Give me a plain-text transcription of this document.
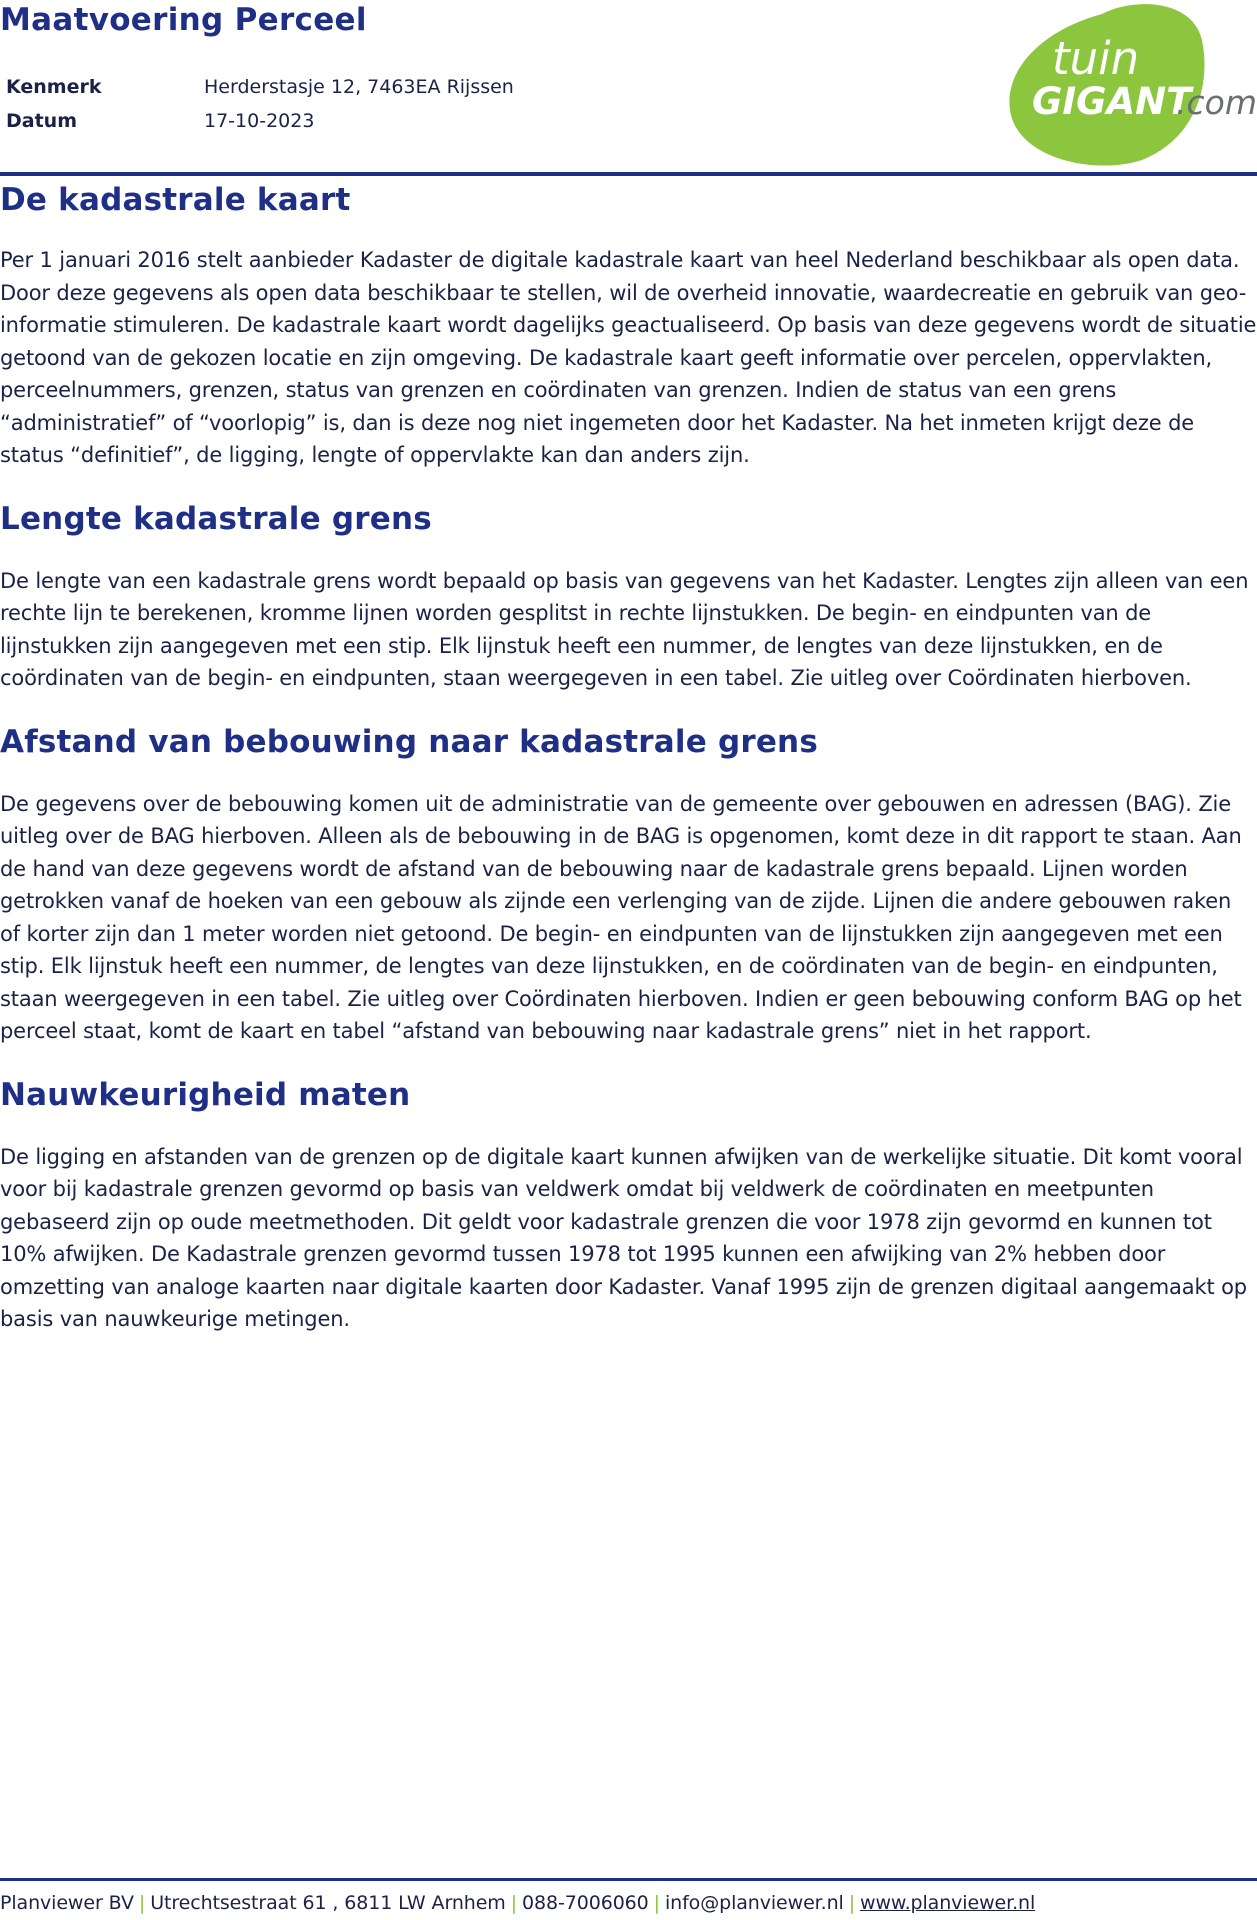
Maatvoering Perceel
Kenmerk	Herderstasje 12, 7463EA Rijssen
Datum	17-10-2023
tuin
GIGANT
.com
De kadastrale kaart

Per 1 januari 2016 stelt aanbieder Kadaster de digitale kadastrale kaart van heel Nederland beschikbaar als open data. Door deze gegevens als open data beschikbaar te stellen, wil de overheid innovatie, waardecreatie en gebruik van geo-informatie stimuleren. De kadastrale kaart wordt dagelijks geactualiseerd. Op basis van deze gegevens wordt de situatie getoond van de gekozen locatie en zijn omgeving. De kadastrale kaart geeft informatie over percelen, oppervlakten, perceelnummers, grenzen, status van grenzen en coördinaten van grenzen. Indien de status van een grens “administratief” of “voorlopig” is, dan is deze nog niet ingemeten door het Kadaster. Na het inmeten krijgt deze de status “definitief”, de ligging, lengte of oppervlakte kan dan anders zijn.

Lengte kadastrale grens

De lengte van een kadastrale grens wordt bepaald op basis van gegevens van het Kadaster. Lengtes zijn alleen van een rechte lijn te berekenen, kromme lijnen worden gesplitst in rechte lijnstukken. De begin- en eindpunten van de lijnstukken zijn aangegeven met een stip. Elk lijnstuk heeft een nummer, de lengtes van deze lijnstukken, en de coördinaten van de begin- en eindpunten, staan weergegeven in een tabel. Zie uitleg over Coördinaten hierboven.

Afstand van bebouwing naar kadastrale grens

De gegevens over de bebouwing komen uit de administratie van de gemeente over gebouwen en adressen (BAG). Zie uitleg over de BAG hierboven. Alleen als de bebouwing in de BAG is opgenomen, komt deze in dit rapport te staan. Aan de hand van deze gegevens wordt de afstand van de bebouwing naar de kadastrale grens bepaald. Lijnen worden getrokken vanaf de hoeken van een gebouw als zijnde een verlenging van de zijde. Lijnen die andere gebouwen raken of korter zijn dan 1 meter worden niet getoond. De begin- en eindpunten van de lijnstukken zijn aangegeven met een stip. Elk lijnstuk heeft een nummer, de lengtes van deze lijnstukken, en de coördinaten van de begin- en eindpunten, staan weergegeven in een tabel. Zie uitleg over Coördinaten hierboven. Indien er geen bebouwing conform BAG op het perceel staat, komt de kaart en tabel “afstand van bebouwing naar kadastrale grens” niet in het rapport.

Nauwkeurigheid maten

De ligging en afstanden van de grenzen op de digitale kaart kunnen afwijken van de werkelijke situatie. Dit komt vooral voor bij kadastrale grenzen gevormd op basis van veldwerk omdat bij veldwerk de coördinaten en meetpunten gebaseerd zijn op oude meetmethoden. Dit geldt voor kadastrale grenzen die voor 1978 zijn gevormd en kunnen tot 10% afwijken. De Kadastrale grenzen gevormd tussen 1978 tot 1995 kunnen een afwijking van 2% hebben door omzetting van analoge kaarten naar digitale kaarten door Kadaster. Vanaf 1995 zijn de grenzen digitaal aangemaakt op basis van nauwkeurige metingen.

Planviewer BV | Utrechtsestraat 61 , 6811 LW Arnhem | 088-7006060 | info@planviewer.nl | www.planviewer.nl
